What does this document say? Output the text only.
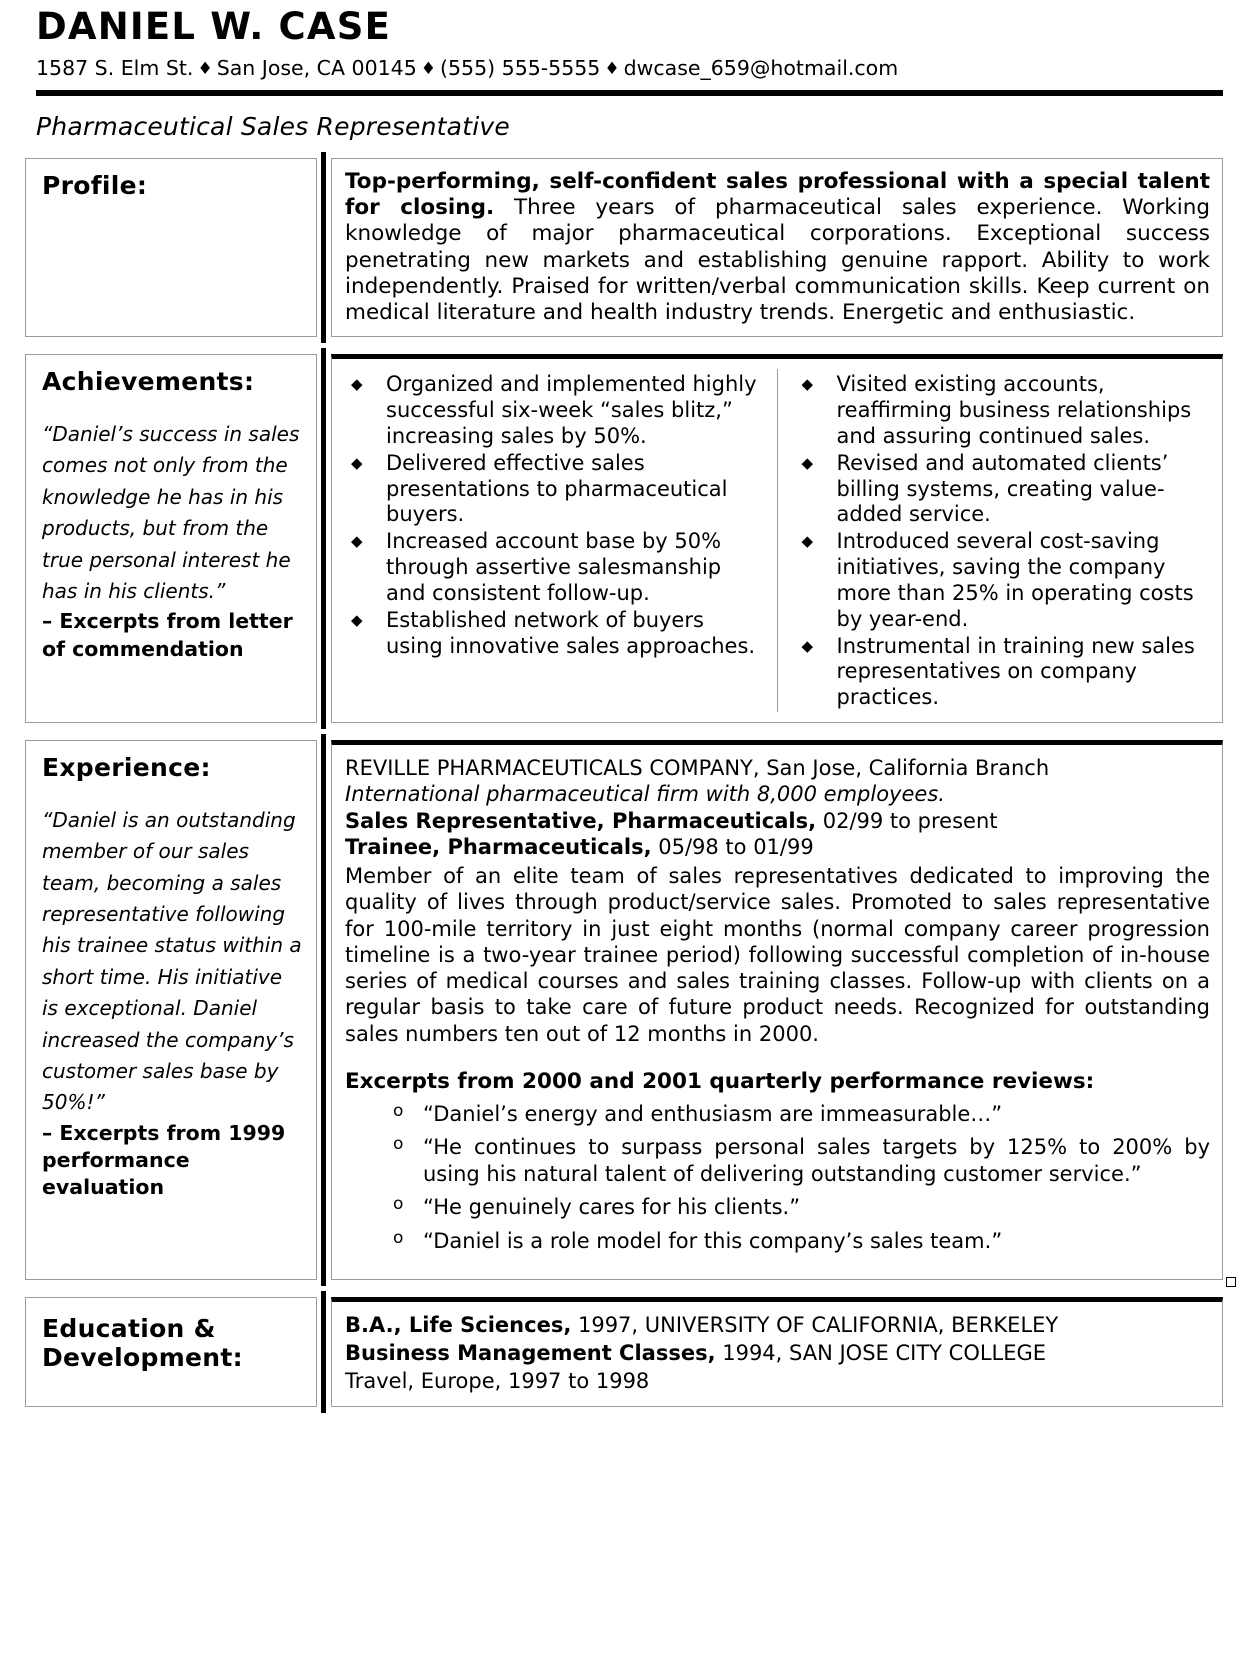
DANIEL W. CASE
1587 S. Elm St. ♦ San Jose, CA 00145 ♦ (555) 555-5555 ♦ dwcase_659@hotmail.com
Pharmaceutical Sales Representative
Profile:	Top-performing, self-confident sales professional with a special talent for closing. Three years of pharmaceutical sales experience. Working knowledge of major pharmaceutical corporations. Exceptional success penetrating new markets and establishing genuine rapport. Ability to work independently. Praised for written/verbal communication skills. Keep current on medical literature and health industry trends. Energetic and enthusiastic.
Achievements:
“Daniel’s success in sales comes not only from the knowledge he has in his products, but from the true personal interest he has in his clients.”
– Excerpts from letter of commendation
◆ Organized and implemented highly successful six-week “sales blitz,” increasing sales by 50%.
◆ Delivered effective sales presentations to pharmaceutical buyers.
◆ Increased account base by 50% through assertive salesmanship and consistent follow-up.
◆ Established network of buyers using innovative sales approaches.
◆ Visited existing accounts, reaffirming business relationships and assuring continued sales.
◆ Revised and automated clients’ billing systems, creating value-added service.
◆ Introduced several cost-saving initiatives, saving the company more than 25% in operating costs by year-end.
◆ Instrumental in training new sales representatives on company practices.
Experience:
“Daniel is an outstanding member of our sales team, becoming a sales representative following his trainee status within a short time. His initiative is exceptional. Daniel increased the company’s customer sales base by 50%!”
– Excerpts from 1999 performance evaluation
REVILLE PHARMACEUTICALS COMPANY, San Jose, California Branch
International pharmaceutical firm with 8,000 employees.
Sales Representative, Pharmaceuticals, 02/99 to present
Trainee, Pharmaceuticals, 05/98 to 01/99
Member of an elite team of sales representatives dedicated to improving the quality of lives through product/service sales. Promoted to sales representative for 100-mile territory in just eight months (normal company career progression timeline is a two-year trainee period) following successful completion of in-house series of medical courses and sales training classes. Follow-up with clients on a regular basis to take care of future product needs. Recognized for outstanding sales numbers ten out of 12 months in 2000.
Excerpts from 2000 and 2001 quarterly performance reviews:
o “Daniel’s energy and enthusiasm are immeasurable…”
o “He continues to surpass personal sales targets by 125% to 200% by using his natural talent of delivering outstanding customer service.”
o “He genuinely cares for his clients.”
o “Daniel is a role model for this company’s sales team.”
Education &
Development:
B.A., Life Sciences, 1997, UNIVERSITY OF CALIFORNIA, BERKELEY
Business Management Classes, 1994, SAN JOSE CITY COLLEGE
Travel, Europe, 1997 to 1998
